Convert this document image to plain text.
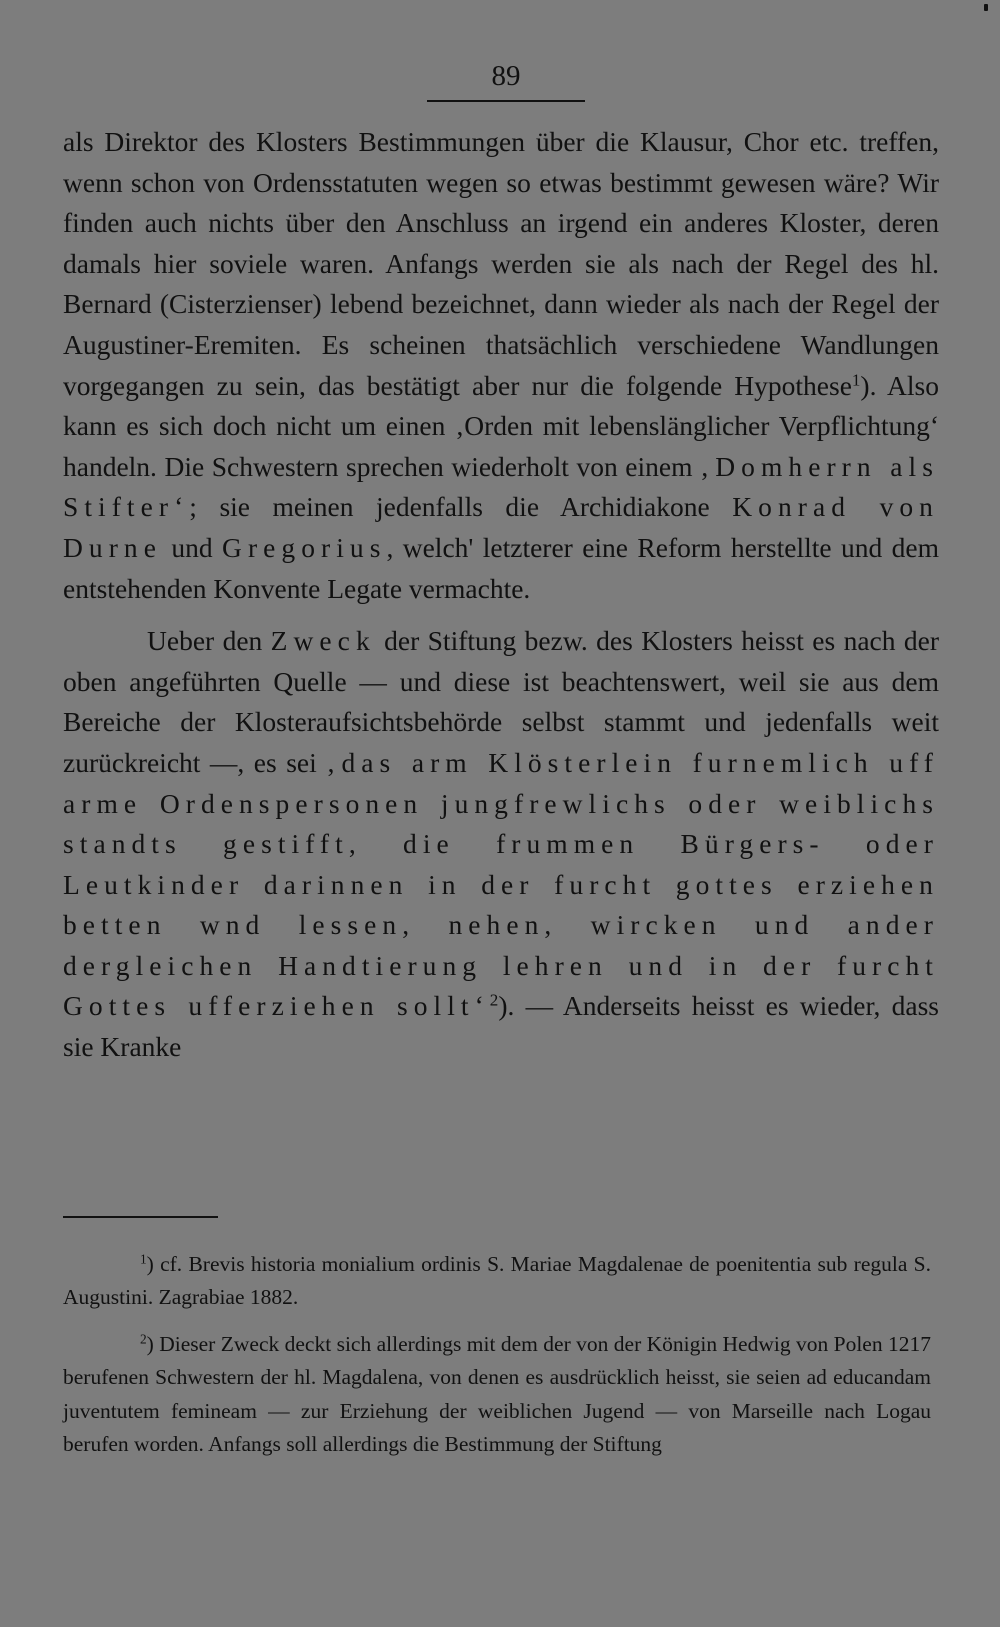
89

als Direktor des Klosters Bestimmungen über die Klausur, Chor etc. treffen, wenn schon von Ordensstatuten wegen so etwas bestimmt gewesen wäre? Wir finden auch nichts über den Anschluss an irgend ein anderes Kloster, deren damals hier soviele waren. Anfangs werden sie als nach der Regel des hl. Bernard (Cisterzienser) lebend bezeichnet, dann wieder als nach der Regel der Augustiner-Eremiten. Es scheinen thatsächlich verschiedene Wandlungen vorgegangen zu sein, das bestätigt aber nur die folgende Hypothese$^1$). Also kann es sich doch nicht um einen ‚Orden mit lebenslänglicher Verpflichtung‘ handeln. Die Schwestern sprechen wiederholt von einem ‚Domherrn als Stifter‘; sie meinen jedenfalls die Archidiakone Konrad von Durne und Gregorius, welch' letzterer eine Reform herstellte und dem entstehenden Konvente Legate vermachte.

Ueber den Zweck der Stiftung bezw. des Klosters heisst es nach der oben angeführten Quelle — und diese ist beachtenswert, weil sie aus dem Bereiche der Klosteraufsichtsbehörde selbst stammt und jedenfalls weit zurückreicht —, es sei ‚das arm Klösterlein furnemlich uff arme Ordenspersonen jungfrewlichs oder weiblichs standts gestifft, die frummen Bürgers- oder Leutkinder darinnen in der furcht gottes erziehen betten wnd lessen, nehen, wircken und ander dergleichen Handtierung lehren und in der furcht Gottes ufferziehen sollt‘$^2$). — Anderseits heisst es wieder, dass sie Kranke

$^1$) cf. Brevis historia monialium ordinis S. Mariae Magdalenae de poenitentia sub regula S. Augustini. Zagrabiae 1882.

$^2$) Dieser Zweck deckt sich allerdings mit dem der von der Königin Hedwig von Polen 1217 berufenen Schwestern der hl. Magdalena, von denen es ausdrücklich heisst, sie seien ad educandam juventutem femineam — zur Erziehung der weiblichen Jugend — von Marseille nach Logau berufen worden. Anfangs soll allerdings die Bestimmung der Stiftung
